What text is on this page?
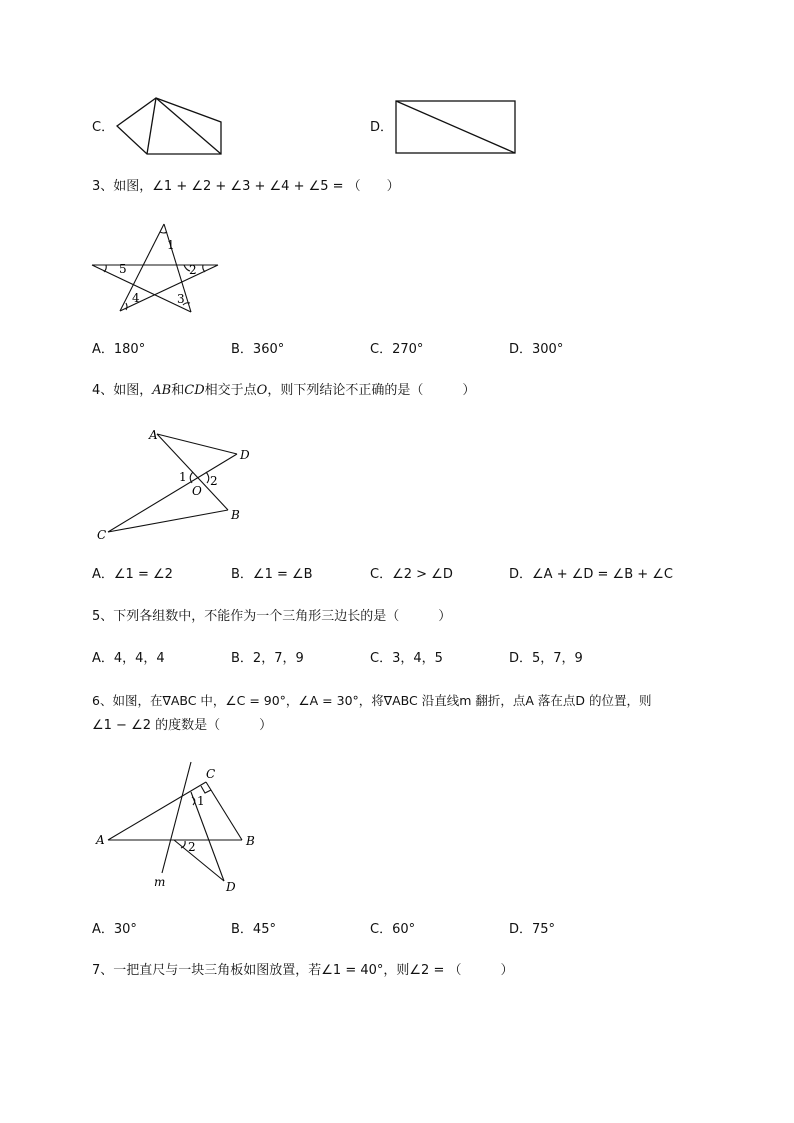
C．	D．
1
2
3
4
5
A
D
B
C
O
1 2
A	B
C
D
m
1
2
3、如图，∠1 + ∠2 + ∠3 + ∠4 + ∠5 = （　　）
A．180°	B．360°	C．270°	D．300°
4、如图，AB和CD相交于点O，则下列结论不正确的是（　　　）
A．∠1 = ∠2	B．∠1 = ∠B	C．∠2 > ∠D	D．∠A + ∠D = ∠B + ∠C
5、下列各组数中，不能作为一个三角形三边长的是（　　　）
A．4，4，4	B．2，7，9	C．3，4，5	D．5，7，9
6、如图，在∇ABC 中，∠C = 90°，∠A = 30°，将∇ABC 沿直线m 翻折，点A 落在点D 的位置，则
∠1 − ∠2 的度数是（　　　）
A．30°	B．45°	C．60°	D．75°
7、一把直尺与一块三角板如图放置，若∠1 = 40°，则∠2 = （　　　）
